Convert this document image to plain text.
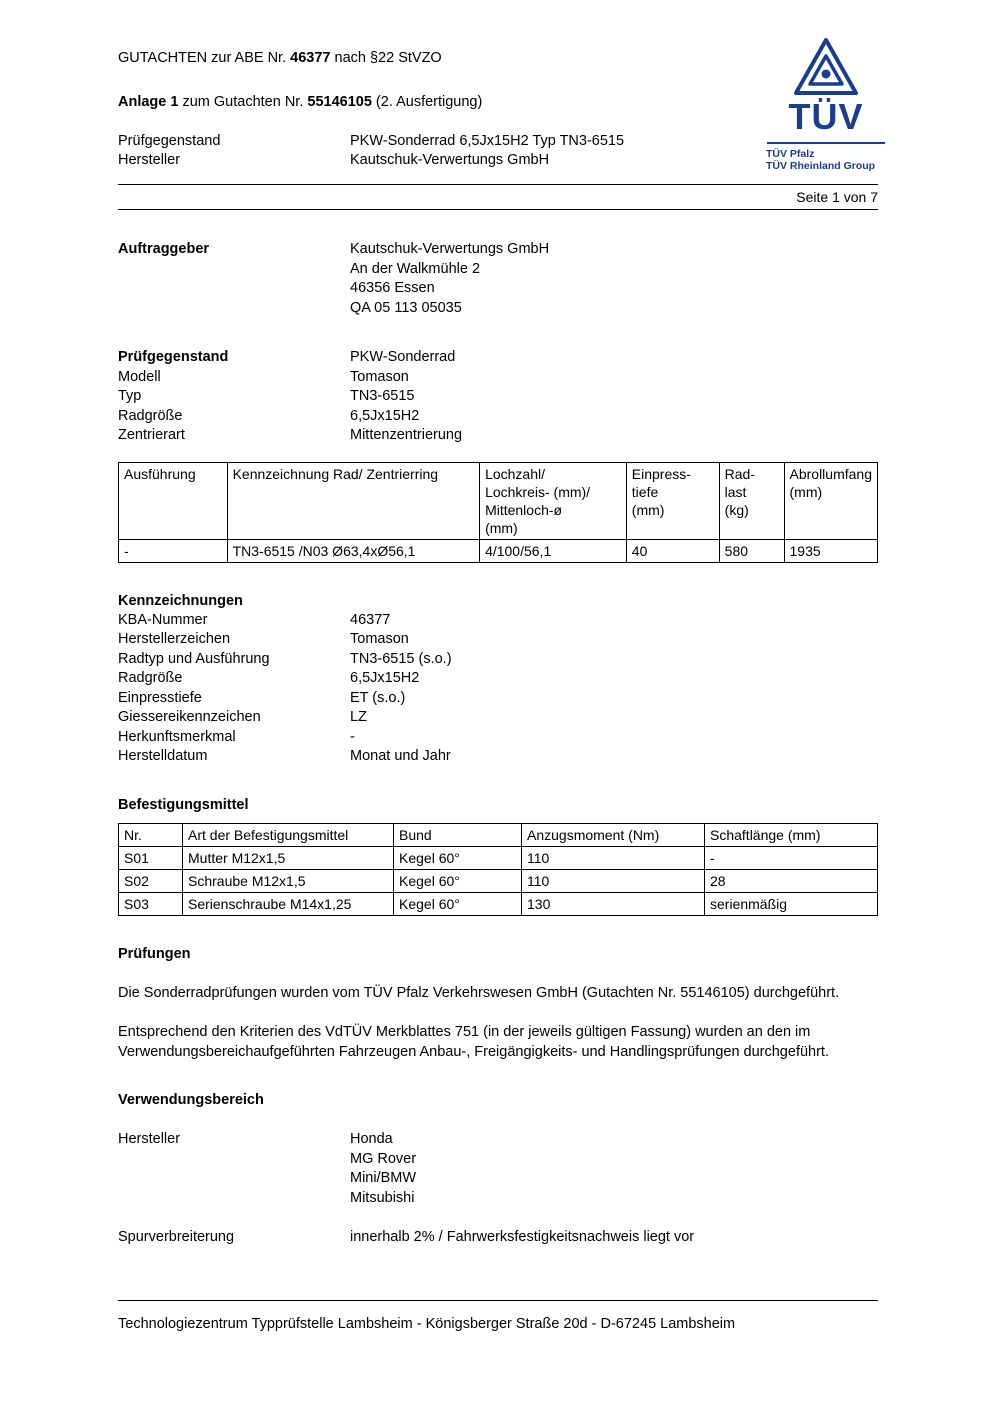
TÜV
TÜV Pfalz
TÜV Rheinland Group
GUTACHTEN zur ABE Nr. 46377 nach §22 StVZO
Anlage 1 zum Gutachten Nr. 55146105 (2. Ausfertigung)
Prüfgegenstand	PKW-Sonderrad 6,5Jx15H2 Typ TN3-6515
Hersteller	Kautschuk-Verwertungs GmbH
Seite 1 von 7
Auftraggeber	Kautschuk-Verwertungs GmbH
An der Walkmühle 2
46356 Essen
QA 05 113 05035
Prüfgegenstand	PKW-Sonderrad
Modell	Tomason
Typ	TN3-6515
Radgröße	6,5Jx15H2
Zentrierart	Mittenzentrierung
Ausführung	Kennzeichnung Rad/ Zentrierring	Lochzahl/
Lochkreis- (mm)/
Mittenloch-ø
(mm)	Einpress-
tiefe
(mm)	Rad-
last
(kg)	Abrollumfang
(mm)
-	TN3-6515 /N03 Ø63,4xØ56,1	4/100/56,1	40	580	1935
Kennzeichnungen
KBA-Nummer	46377
Herstellerzeichen	Tomason
Radtyp und Ausführung	TN3-6515 (s.o.)
Radgröße	6,5Jx15H2
Einpresstiefe	ET (s.o.)
Giessereikennzeichen	LZ
Herkunftsmerkmal	-
Herstelldatum	Monat und Jahr
Befestigungsmittel
Nr.	Art der Befestigungsmittel	Bund	Anzugsmoment (Nm)	Schaftlänge (mm)
S01	Mutter M12x1,5	Kegel 60°	110	-
S02	Schraube M12x1,5	Kegel 60°	110	28
S03	Serienschraube M14x1,25	Kegel 60°	130	serienmäßig
Prüfungen

Die Sonderradprüfungen wurden vom TÜV Pfalz Verkehrswesen GmbH (Gutachten Nr. 55146105) durchgeführt.

Entsprechend den Kriterien des VdTÜV Merkblattes 751 (in der jeweils gültigen Fassung) wurden an den im Verwendungsbereichaufgeführten Fahrzeugen Anbau-, Freigängigkeits- und Handlingsprüfungen durchgeführt.

Verwendungsbereich
Hersteller	Honda
MG Rover
Mini/BMW
Mitsubishi
Spurverbreiterung	innerhalb 2% / Fahrwerksfestigkeitsnachweis liegt vor
Technologiezentrum Typprüfstelle Lambsheim - Königsberger Straße 20d - D-67245 Lambsheim
